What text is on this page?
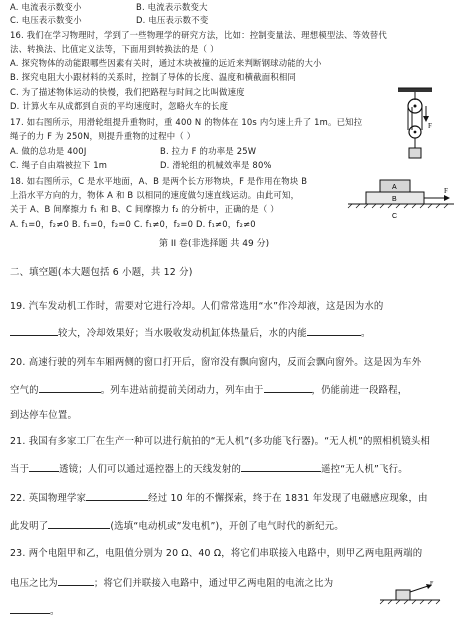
A. 电流表示数变小	B. 电流表示数变大
C. 电压表示数变小	D. 电压表示数不变
16. 我们在学习物理时，学到了一些物理学的研究方法，比如：控制变量法、理想模型法、等效替代
法、转换法、比值定义法等，下面用到转换法的是（ ）
A. 探究物体的动能跟哪些因素有关时，通过木块被撞的远近来判断钢球动能的大小
B. 探究电阻大小跟材料的关系时，控制了导体的长度、温度和横截面积相同
C. 为了描述物体运动的快慢，我们把路程与时间之比叫做速度
D. 计算火车从成都到自贡的平均速度时，忽略火车的长度
17. 如右图所示，用滑轮组提升重物时，重 400 N 的物体在 10s 内匀速上升了 1m。已知拉
绳子的力 F 为 250N，则提升重物的过程中（ ）
A. 做的总功是 400J	B. 拉力 F 的功率是 25W
C. 绳子自由端被拉下 1m	D. 滑轮组的机械效率是 80%
F
18. 如右图所示，C 是水平地面，A、B 是两个长方形物块，F 是作用在物块 B
上沿水平方向的力，物体 A 和 B 以相同的速度做匀速直线运动。由此可知，
关于 A、B 间摩擦力 f₁ 和 B、C 间摩擦力 f₂ 的分析中，正确的是（ ）
A. f₁=0，f₂≠0 B. f₁=0，f₂=0 C. f₁≠0，f₂=0 D. f₁≠0，f₂≠0
A
B
F
C
第 II 卷(非选择题 共 49 分)
二、填空题(本大题包括 6 小题，共 12 分)
19. 汽车发动机工作时，需要对它进行冷却。人们常常选用“水”作冷却液，这是因为水的
较大，冷却效果好；当水吸收发动机缸体热量后，水的内能	。
20. 高速行驶的列车车厢两侧的窗口打开后，窗帘没有飘向窗内，反而会飘向窗外。这是因为车外
空气的	。列车进站前提前关闭动力，列车由于	，仍能前进一段路程，
到达停车位置。
21. 我国有多家工厂在生产一种可以进行航拍的“无人机”(多功能飞行器)。“无人机”的照相机镜头相
当于	透镜；人们可以通过遥控器上的天线发射的	遥控“无人机”飞行。
22. 英国物理学家	经过 10 年的不懈探索，终于在 1831 年发现了电磁感应现象，由
此发明了	(选填“电动机或”发电机”)，开创了电气时代的新纪元。
23. 两个电阻甲和乙，电阻值分别为 20 Ω、40 Ω，将它们串联接入电路中，则甲乙两电阻两端的
电压之比为	；将它们并联接入电路中，通过甲乙两电阻的电流之比为
。
F
